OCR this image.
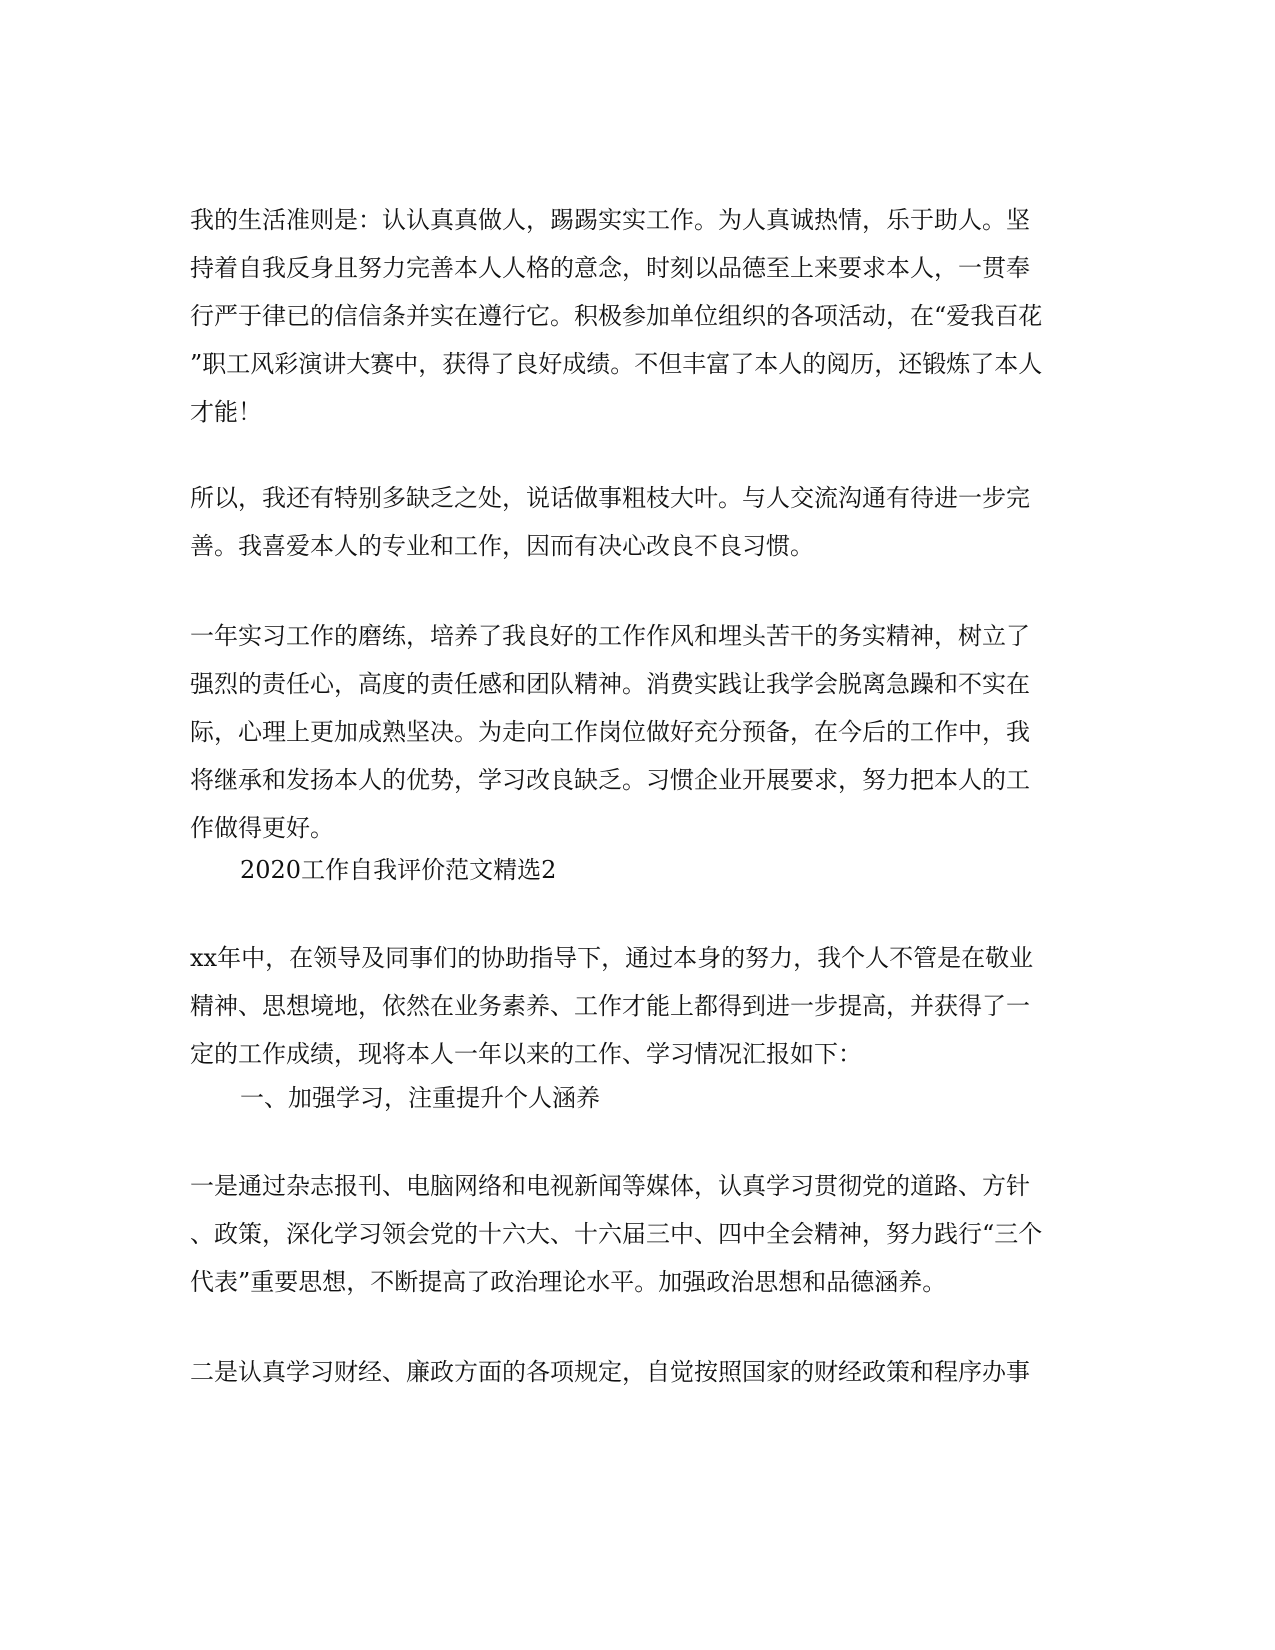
我的生活准则是：认认真真做人，踢踢实实工作。为人真诚热情，乐于助人。坚
持着自我反身且努力完善本人人格的意念，时刻以品德至上来要求本人，一贯奉
行严于律已的信信条并实在遵行它。积极参加单位组织的各项活动，在“爱我百花
”职工风彩演讲大赛中，获得了良好成绩。不但丰富了本人的阅历，还锻炼了本人
才能！
所以，我还有特别多缺乏之处，说话做事粗枝大叶。与人交流沟通有待进一步完
善。我喜爱本人的专业和工作，因而有决心改良不良习惯。
一年实习工作的磨练，培养了我良好的工作作风和埋头苦干的务实精神，树立了
强烈的责任心，高度的责任感和团队精神。消费实践让我学会脱离急躁和不实在
际，心理上更加成熟坚决。为走向工作岗位做好充分预备，在今后的工作中，我
将继承和发扬本人的优势，学习改良缺乏。习惯企业开展要求，努力把本人的工
作做得更好。
2020工作自我评价范文精选2
xx年中，在领导及同事们的协助指导下，通过本身的努力，我个人不管是在敬业
精神、思想境地，依然在业务素养、工作才能上都得到进一步提高，并获得了一
定的工作成绩，现将本人一年以来的工作、学习情况汇报如下：
一、加强学习，注重提升个人涵养
一是通过杂志报刊、电脑网络和电视新闻等媒体，认真学习贯彻党的道路、方针
、政策，深化学习领会党的十六大、十六届三中、四中全会精神，努力践行“三个
代表”重要思想，不断提高了政治理论水平。加强政治思想和品德涵养。
二是认真学习财经、廉政方面的各项规定，自觉按照国家的财经政策和程序办事
